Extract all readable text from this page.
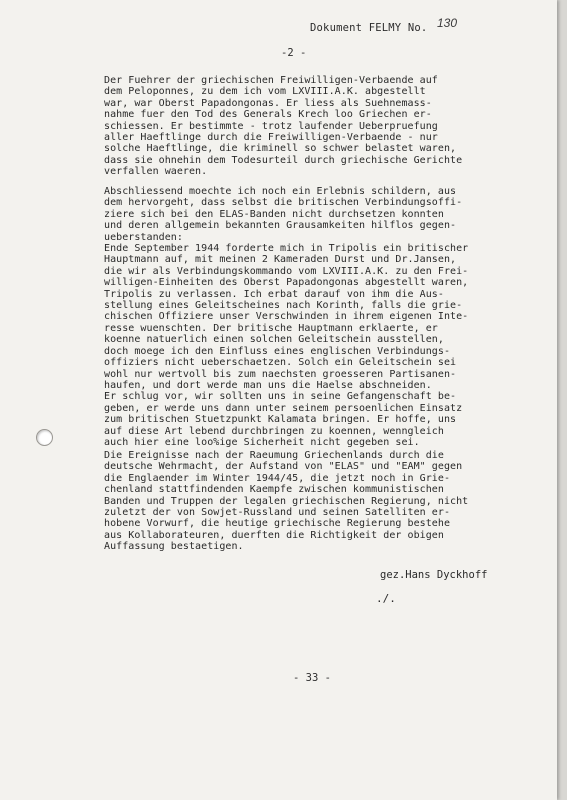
Dokument FELMY No. 130
-2 -
Der Fuehrer der griechischen Freiwilligen-Verbaende auf
dem Peloponnes, zu dem ich vom LXVIII.A.K. abgestellt
war, war Oberst Papadongonas. Er liess als Suehnemass-
nahme fuer den Tod des Generals Krech loo Griechen er-
schiessen. Er bestimmte - trotz laufender Ueberpruefung
aller Haeftlinge durch die Freiwilligen-Verbaende - nur
solche Haeftlinge, die kriminell so schwer belastet waren,
dass sie ohnehin dem Todesurteil durch griechische Gerichte
verfallen waeren.
Abschliessend moechte ich noch ein Erlebnis schildern, aus
dem hervorgeht, dass selbst die britischen Verbindungsoffi-
ziere sich bei den ELAS-Banden nicht durchsetzen konnten
und deren allgemein bekannten Grausamkeiten hilflos gegen-
ueberstanden:
Ende September 1944 forderte mich in Tripolis ein britischer
Hauptmann auf, mit meinen 2 Kameraden Durst und Dr.Jansen,
die wir als Verbindungskommando vom LXVIII.A.K. zu den Frei-
willigen-Einheiten des Oberst Papadongonas abgestellt waren,
Tripolis zu verlassen. Ich erbat darauf von ihm die Aus-
stellung eines Geleitscheines nach Korinth, falls die grie-
chischen Offiziere unser Verschwinden in ihrem eigenen Inte-
resse wuenschten. Der britische Hauptmann erklaerte, er
koenne natuerlich einen solchen Geleitschein ausstellen,
doch moege ich den Einfluss eines englischen Verbindungs-
offiziers nicht ueberschaetzen. Solch ein Geleitschein sei
wohl nur wertvoll bis zum naechsten groesseren Partisanen-
haufen, und dort werde man uns die Haelse abschneiden.
Er schlug vor, wir sollten uns in seine Gefangenschaft be-
geben, er werde uns dann unter seinem persoenlichen Einsatz
zum britischen Stuetzpunkt Kalamata bringen. Er hoffe, uns
auf diese Art lebend durchbringen zu koennen, wenngleich
auch hier eine loo%ige Sicherheit nicht gegeben sei.
Die Ereignisse nach der Raeumung Griechenlands durch die
deutsche Wehrmacht, der Aufstand von "ELAS" und "EAM" gegen
die Englaender im Winter 1944/45, die jetzt noch in Grie-
chenland stattfindenden Kaempfe zwischen kommunistischen
Banden und Truppen der legalen griechischen Regierung, nicht
zuletzt der von Sowjet-Russland und seinen Satelliten er-
hobene Vorwurf, die heutige griechische Regierung bestehe
aus Kollaborateuren, duerften die Richtigkeit der obigen
Auffassung bestaetigen.
gez.Hans Dyckhoff
./.
- 33 -
